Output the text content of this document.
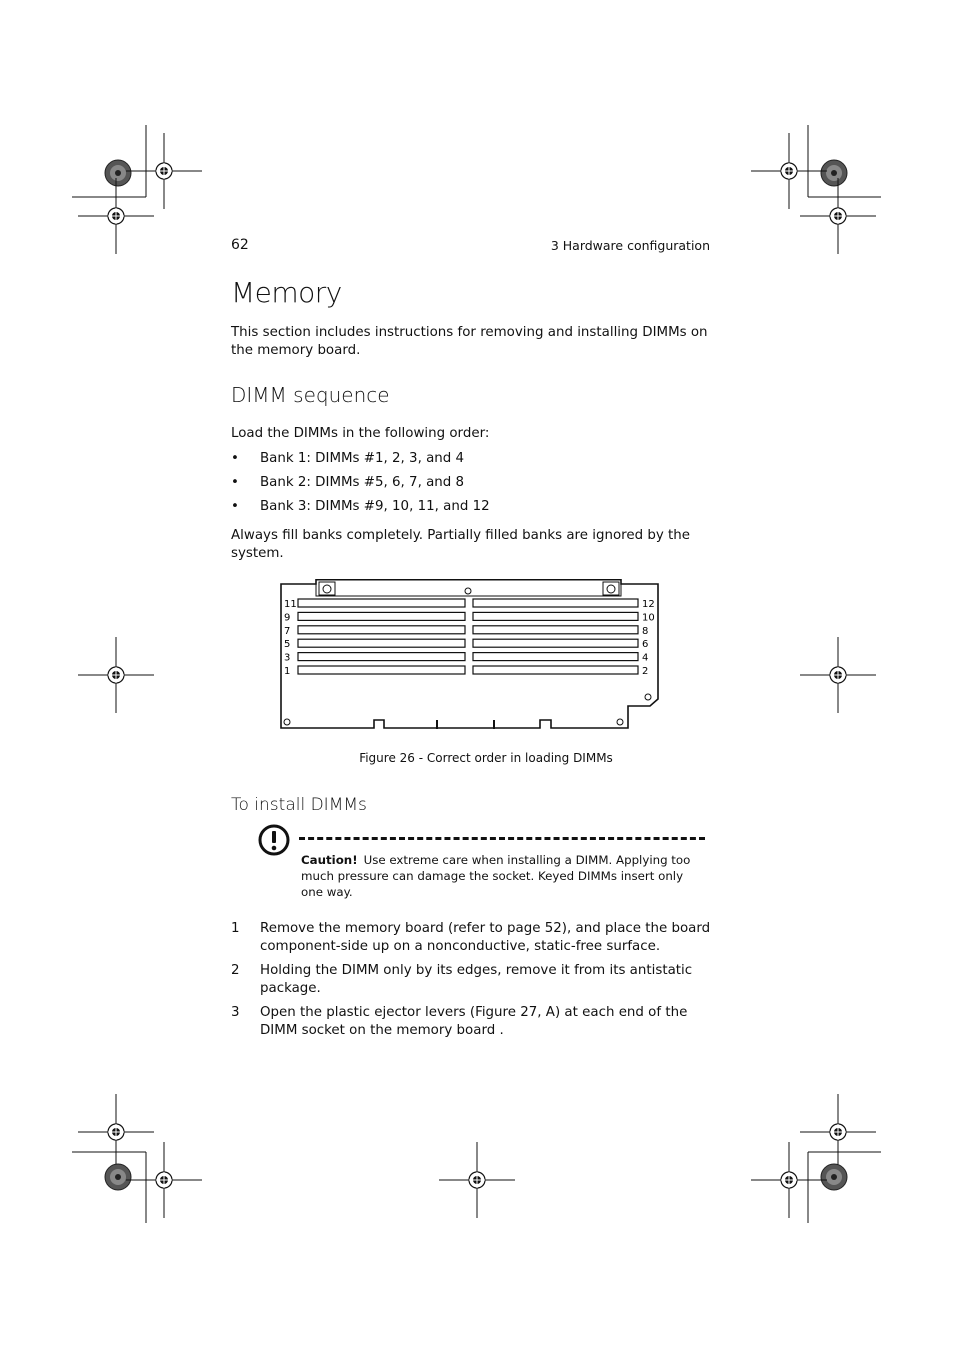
62	3 Hardware configuration
Memory
This section includes instructions for removing and installing DIMMs on the memory board.
DIMM sequence
Load the DIMMs in the following order:
• Bank 1: DIMMs #1, 2, 3, and 4
• Bank 2: DIMMs #5, 6, 7, and 8
• Bank 3: DIMMs #9, 10, 11, and 12
Always fill banks completely. Partially filled banks are ignored by the system.
11	12
9	10
7	8
5	6
3	4
1	2
Figure 26 - Correct order in loading DIMMs
To install DIMMs
Caution! Use extreme care when installing a DIMM. Applying too much pressure can damage the socket. Keyed DIMMs insert only one way.
1 Remove the memory board (refer to page 52), and place the board component-side up on a nonconductive, static-free surface.
2 Holding the DIMM only by its edges, remove it from its antistatic package.
3 Open the plastic ejector levers (Figure 27, A) at each end of the DIMM socket on the memory board .
